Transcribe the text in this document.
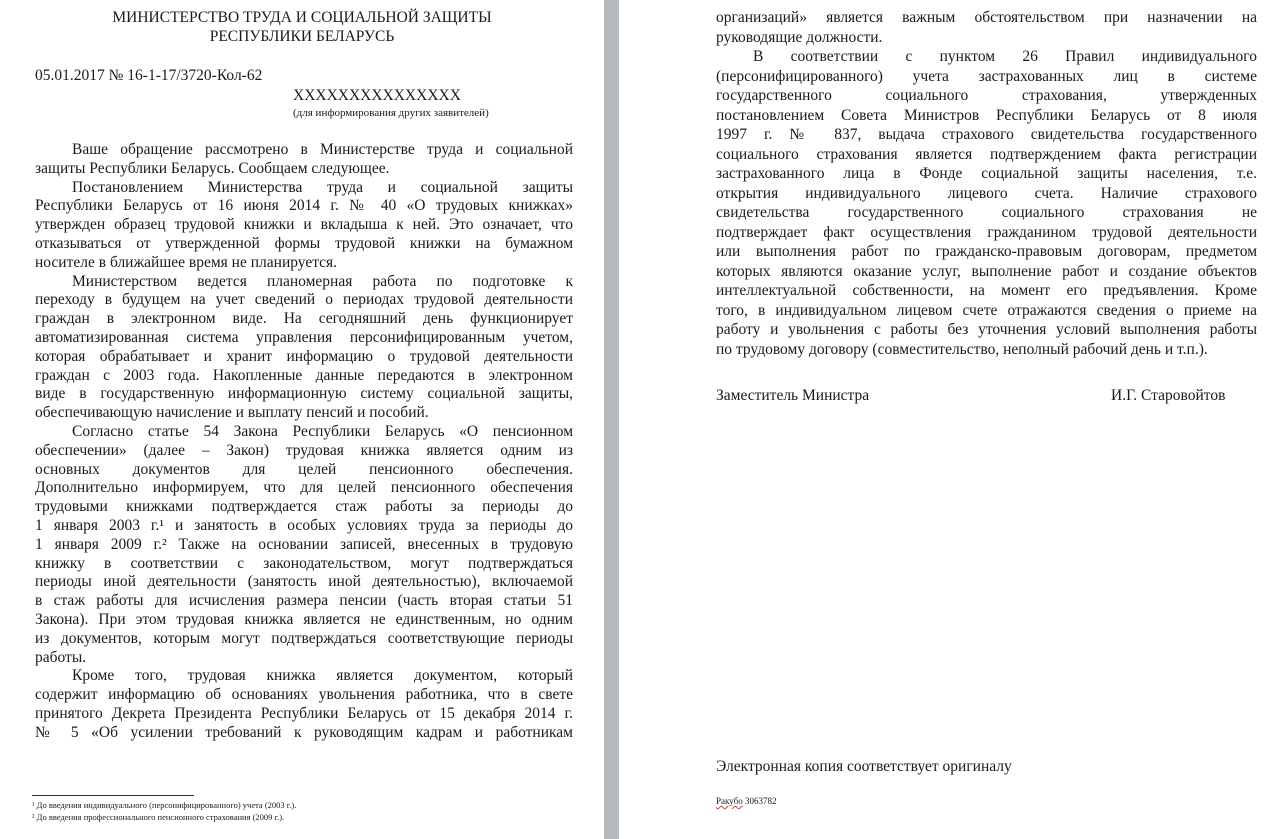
МИНИСТЕРСТВО ТРУДА И СОЦИАЛЬНОЙ ЗАЩИТЫ
РЕСПУБЛИКИ БЕЛАРУСЬ
05.01.2017 № 16-1-17/3720-Кол-62
XXXXXXXXXXXXXXX
(для информирования других заявителей)
Ваше обращение рассмотрено в Министерстве труда и социальной
защиты Республики Беларусь. Сообщаем следующее.
Постановлением Министерства труда и социальной защиты
Республики Беларусь от 16 июня 2014 г. № 40 «О трудовых книжках»
утвержден образец трудовой книжки и вкладыша к ней. Это означает, что
отказываться от утвержденной формы трудовой книжки на бумажном
носителе в ближайшее время не планируется.
Министерством ведется планомерная работа по подготовке к
переходу в будущем на учет сведений о периодах трудовой деятельности
граждан в электронном виде. На сегодняшний день функционирует
автоматизированная система управления персонифицированным учетом,
которая обрабатывает и хранит информацию о трудовой деятельности
граждан с 2003 года. Накопленные данные передаются в электронном
виде в государственную информационную систему социальной защиты,
обеспечивающую начисление и выплату пенсий и пособий.
Согласно статье 54 Закона Республики Беларусь «О пенсионном
обеспечении» (далее – Закон) трудовая книжка является одним из
основных документов для целей пенсионного обеспечения.
Дополнительно информируем, что для целей пенсионного обеспечения
трудовыми книжками подтверждается стаж работы за периоды до
1 января 2003 г.¹ и занятость в особых условиях труда за периоды до
1 января 2009 г.² Также на основании записей, внесенных в трудовую
книжку в соответствии с законодательством, могут подтверждаться
периоды иной деятельности (занятость иной деятельностью), включаемой
в стаж работы для исчисления размера пенсии (часть вторая статьи 51
Закона). При этом трудовая книжка является не единственным, но одним
из документов, которым могут подтверждаться соответствующие периоды
работы.
Кроме того, трудовая книжка является документом, который
содержит информацию об основаниях увольнения работника, что в свете
принятого Декрета Президента Республики Беларусь от 15 декабря 2014 г.
№ 5 «Об усилении требований к руководящим кадрам и работникам
¹ До введения индивидуального (персонифицированного) учета (2003 г.).
² До введения профессионального пенсионного страхования (2009 г.).
организаций» является важным обстоятельством при назначении на
руководящие должности.
В соответствии с пунктом 26 Правил индивидуального
(персонифицированного) учета застрахованных лиц в системе
государственного социального страхования, утвержденных
постановлением Совета Министров Республики Беларусь от 8 июля
1997 г. № 837, выдача страхового свидетельства государственного
социального страхования является подтверждением факта регистрации
застрахованного лица в Фонде социальной защиты населения, т.е.
открытия индивидуального лицевого счета. Наличие страхового
свидетельства государственного социального страхования не
подтверждает факт осуществления гражданином трудовой деятельности
или выполнения работ по гражданско-правовым договорам, предметом
которых являются оказание услуг, выполнение работ и создание объектов
интеллектуальной собственности, на момент его предъявления. Кроме
того, в индивидуальном лицевом счете отражаются сведения о приеме на
работу и увольнения с работы без уточнения условий выполнения работы
по трудовому договору (совместительство, неполный рабочий день и т.п.).
Заместитель Министра	И.Г. Старовойтов
Электронная копия соответствует оригиналу
Ракубо 3063782
